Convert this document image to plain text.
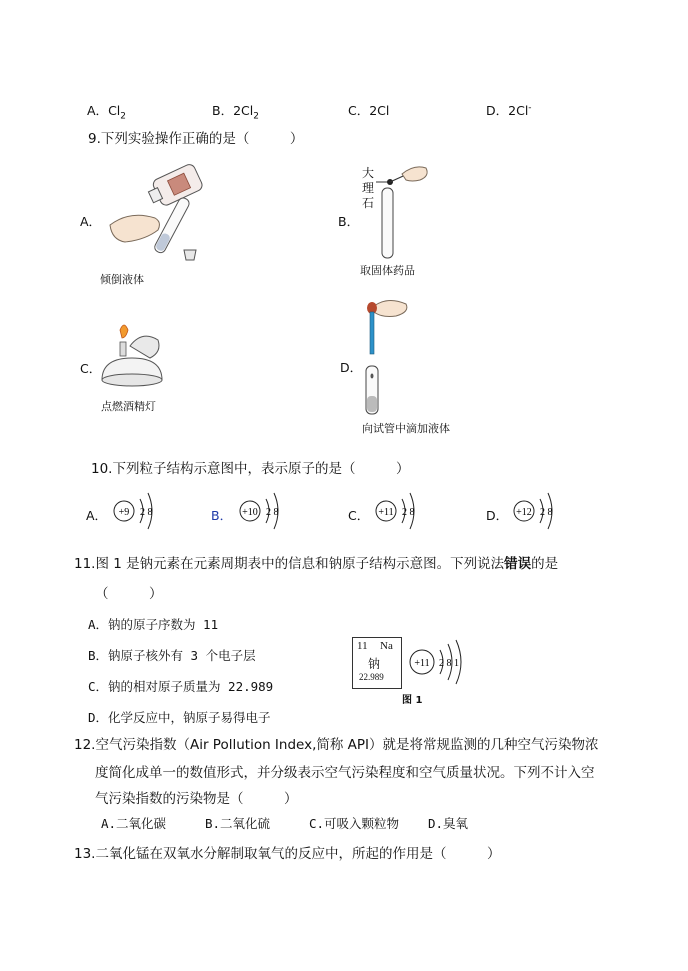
A．$Cl_2$	B．$2Cl_2$	C．2Cl	D．2Cl-
9.下列实验操作正确的是（　　　）
A．
倾倒液体
B．
大
理
石
取固体药品
C．
点燃酒精灯
D．
向试管中滴加液体
10.下列粒子结构示意图中，表示原子的是（　　　）
A． +9 2 8	B． +10 2 8	C． +11 2 8	D． +12 2 8
11.图 1 是钠元素在元素周期表中的信息和钠原子结构示意图。下列说法错误的是
（　　　）
A．钠的原子序数为 11
B．钠原子核外有 3 个电子层
C．钠的相对原子质量为 22.989
D．化学反应中，钠原子易得电子
11 Na
钠
22.989
+11 2 8 1
图 1
12.空气污染指数（Air Pollution Index,简称 API）就是将常规监测的几种空气污染物浓
度简化成单一的数值形式，并分级表示空气污染程度和空气质量状况。下列不计入空
气污染指数的污染物是（　　　）
A.二氧化碳	B.二氧化硫	C.可吸入颗粒物 D.臭氧
13.二氧化锰在双氧水分解制取氧气的反应中，所起的作用是（　　　）
